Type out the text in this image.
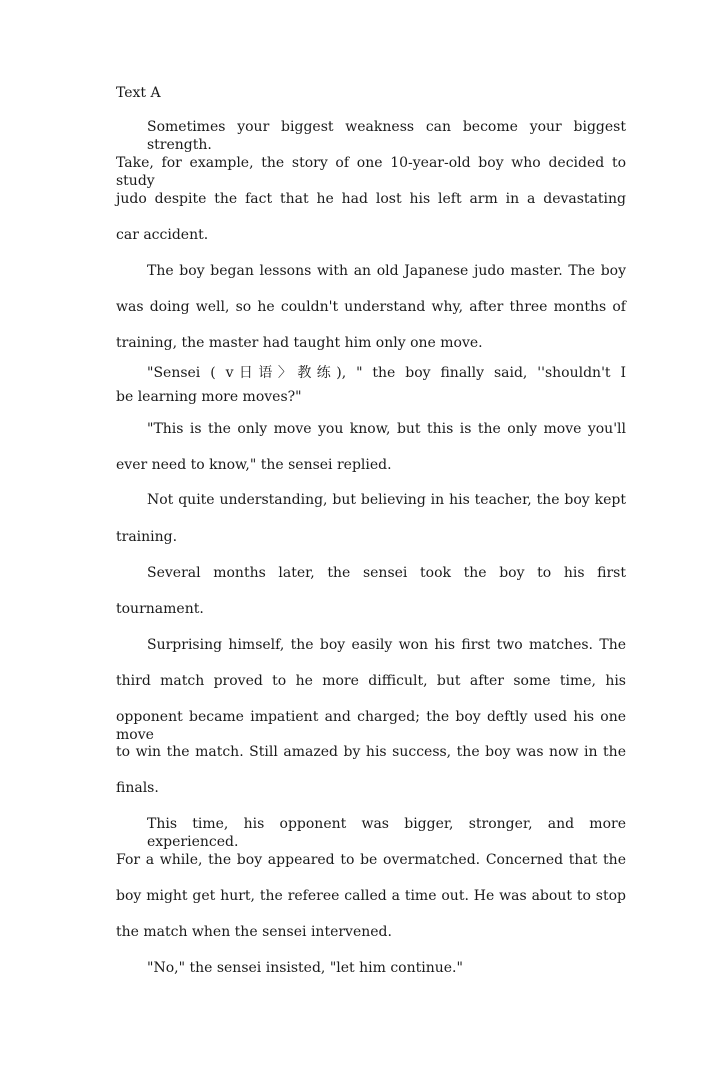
Text A

Sometimes your biggest weakness can become your biggest strength.

Take, for example, the story of one 10-year-old boy who decided to study

judo despite the fact that he had lost his left arm in a devastating

car accident.

The boy began lessons with an old Japanese judo master. The boy

was doing well, so he couldn't understand why, after three months of

training, the master had taught him only one move.

"Sensei ( v日语〉教练), " the boy finally said, ''shouldn't I

be learning more moves?"

"This is the only move you know, but this is the only move you'll

ever need to know," the sensei replied.

Not quite understanding, but believing in his teacher, the boy kept

training.

Several months later, the sensei took the boy to his first

tournament.

Surprising himself, the boy easily won his first two matches. The

third match proved to he more difficult, but after some time, his

opponent became impatient and charged; the boy deftly used his one move

to win the match. Still amazed by his success, the boy was now in the

finals.

This time, his opponent was bigger, stronger, and more experienced.

For a while, the boy appeared to be overmatched. Concerned that the

boy might get hurt, the referee called a time out. He was about to stop

the match when the sensei intervened.

"No," the sensei insisted, "let him continue."
